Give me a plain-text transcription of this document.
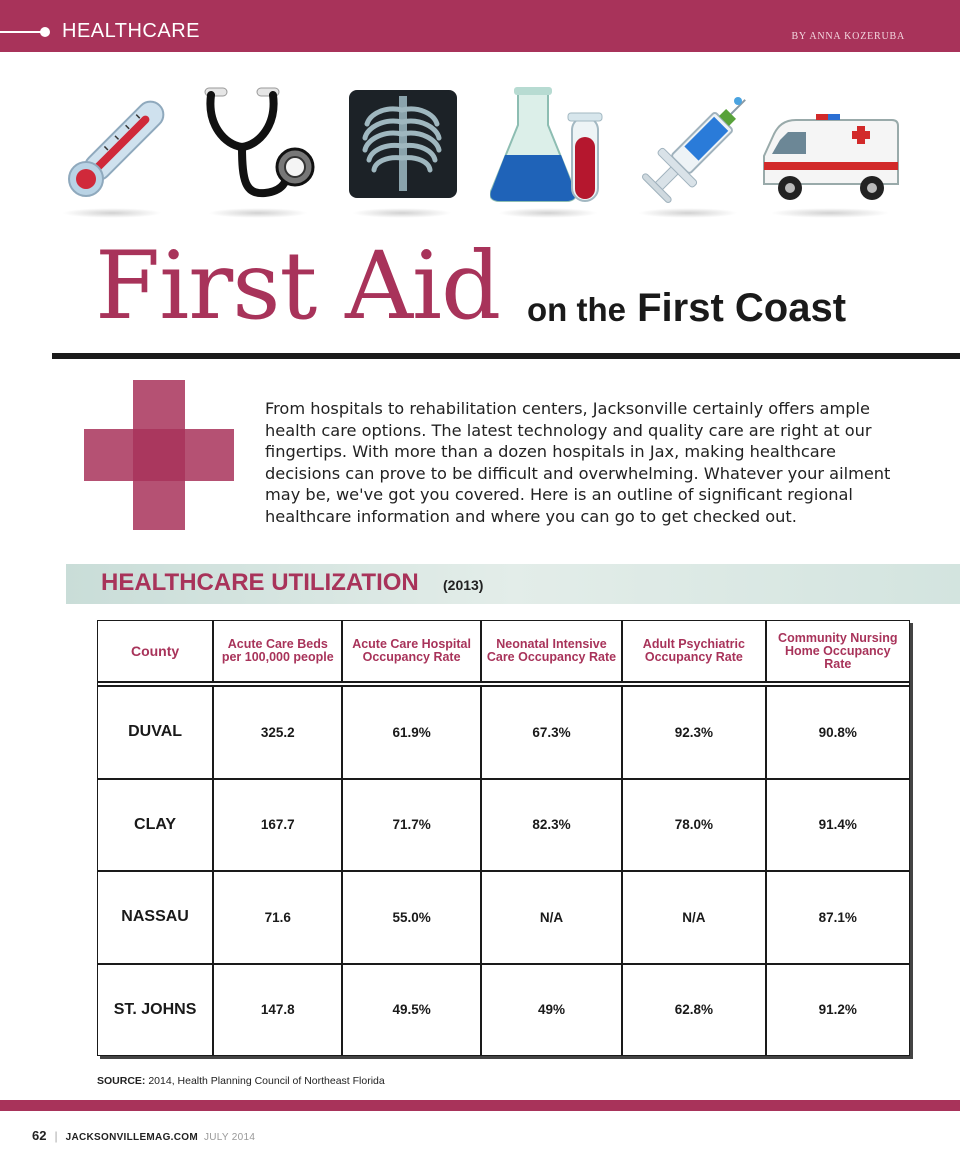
HEALTHCARE	BY ANNA KOZERUBA
First Aid on the First Coast

From hospitals to rehabilitation centers, Jacksonville certainly offers ample health care options. The latest technology and quality care are right at our fingertips. With more than a dozen hospitals in Jax, making healthcare decisions can prove to be difficult and overwhelming. Whatever your ailment may be, we've got you covered. Here is an outline of significant regional healthcare information and where you can go to get checked out.

HEALTHCARE UTILIZATION (2013)
County	Acute Care Beds per 100,000 people	Acute Care Hospital Occupancy Rate	Neonatal Intensive Care Occupancy Rate	Adult Psychiatric Occupancy Rate	Community Nursing Home Occupancy Rate

DUVAL	325.2	61.9%	67.3%	92.3%	90.8%
CLAY	167.7	71.7%	82.3%	78.0%	91.4%
NASSAU	71.6	55.0%	N/A	N/A	87.1%
ST. JOHNS	147.8	49.5%	49%	62.8%	91.2%
SOURCE: 2014, Health Planning Council of Northeast Florida
62 | JACKSONVILLEMAG.COM JULY 2014
